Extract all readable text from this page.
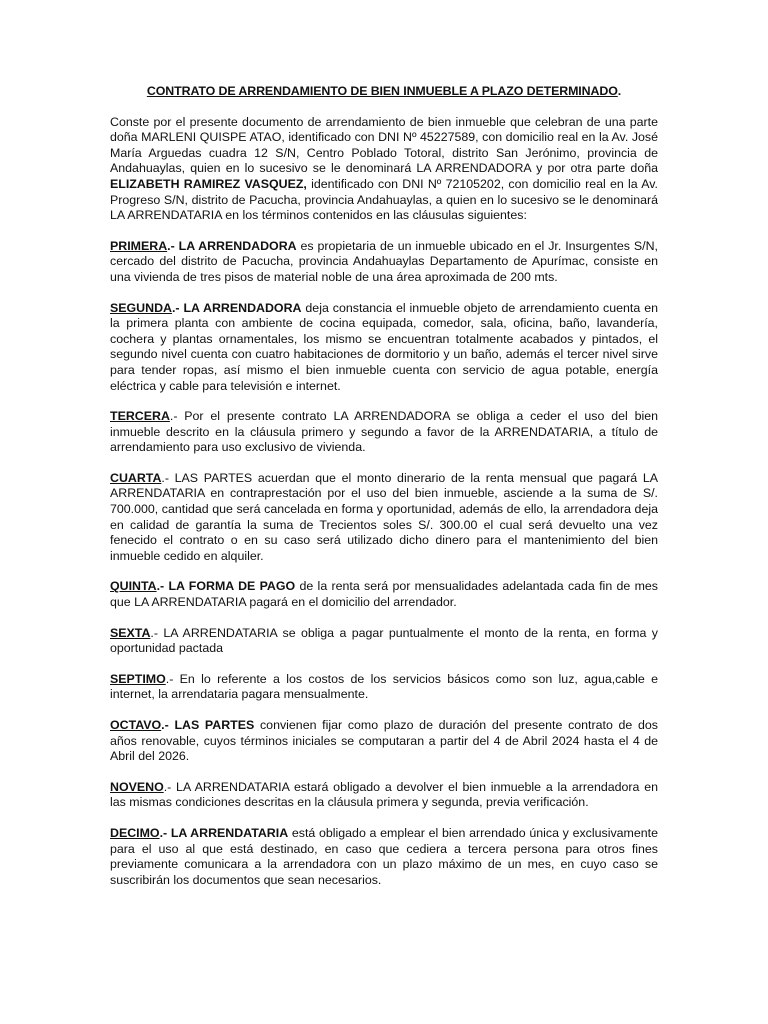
CONTRATO DE ARRENDAMIENTO DE BIEN INMUEBLE A PLAZO DETERMINADO.

Conste por el presente documento de arrendamiento de bien inmueble que celebran de una parte doña MARLENI QUISPE ATAO, identificado con DNI Nº 45227589, con domicilio real en la Av. José María Arguedas cuadra 12 S/N, Centro Poblado Totoral, distrito San Jerónimo, provincia de Andahuaylas, quien en lo sucesivo se le denominará LA ARRENDADORA y por otra parte doña ELIZABETH RAMIREZ VASQUEZ, identificado con DNI Nº 72105202, con domicilio real en la Av. Progreso S/N, distrito de Pacucha, provincia Andahuaylas, a quien en lo sucesivo se le denominará LA ARRENDATARIA en los términos contenidos en las cláusulas siguientes:

PRIMERA.- LA ARRENDADORA es propietaria de un inmueble ubicado en el Jr. Insurgentes S/N, cercado del distrito de Pacucha, provincia Andahuaylas Departamento de Apurímac, consiste en una vivienda de tres pisos de material noble de una área aproximada de 200 mts.

SEGUNDA.- LA ARRENDADORA deja constancia el inmueble objeto de arrendamiento cuenta en la primera planta con ambiente de cocina equipada, comedor, sala, oficina, baño, lavandería, cochera y plantas ornamentales, los mismo se encuentran totalmente acabados y pintados, el segundo nivel cuenta con cuatro habitaciones de dormitorio y un baño, además el tercer nivel sirve para tender ropas, así mismo el bien inmueble cuenta con servicio de agua potable, energía eléctrica y cable para televisión e internet.

TERCERA.- Por el presente contrato LA ARRENDADORA se obliga a ceder el uso del bien inmueble descrito en la cláusula primero y segundo a favor de la ARRENDATARIA, a título de arrendamiento para uso exclusivo de vivienda.

CUARTA.- LAS PARTES acuerdan que el monto dinerario de la renta mensual que pagará LA ARRENDATARIA en contraprestación por el uso del bien inmueble, asciende a la suma de S/. 700.000, cantidad que será cancelada en forma y oportunidad, además de ello, la arrendadora deja en calidad de garantía la suma de Trecientos soles S/. 300.00 el cual será devuelto una vez fenecido el contrato o en su caso será utilizado dicho dinero para el mantenimiento del bien inmueble cedido en alquiler.

QUINTA.- LA FORMA DE PAGO de la renta será por mensualidades adelantada cada fin de mes que LA ARRENDATARIA pagará en el domicilio del arrendador.

SEXTA.- LA ARRENDATARIA se obliga a pagar puntualmente el monto de la renta, en forma y oportunidad pactada

SEPTIMO.- En lo referente a los costos de los servicios básicos como son luz, agua,cable e internet, la arrendataria pagara mensualmente.

OCTAVO.- LAS PARTES convienen fijar como plazo de duración del presente contrato de dos años renovable, cuyos términos iniciales se computaran a partir del 4 de Abril 2024 hasta el 4 de Abril del 2026.

NOVENO.- LA ARRENDATARIA estará obligado a devolver el bien inmueble a la arrendadora en las mismas condiciones descritas en la cláusula primera y segunda, previa verificación.

DECIMO.- LA ARRENDATARIA está obligado a emplear el bien arrendado única y exclusivamente para el uso al que está destinado, en caso que cediera a tercera persona para otros fines previamente comunicara a la arrendadora con un plazo máximo de un mes, en cuyo caso se suscribirán los documentos que sean necesarios.
